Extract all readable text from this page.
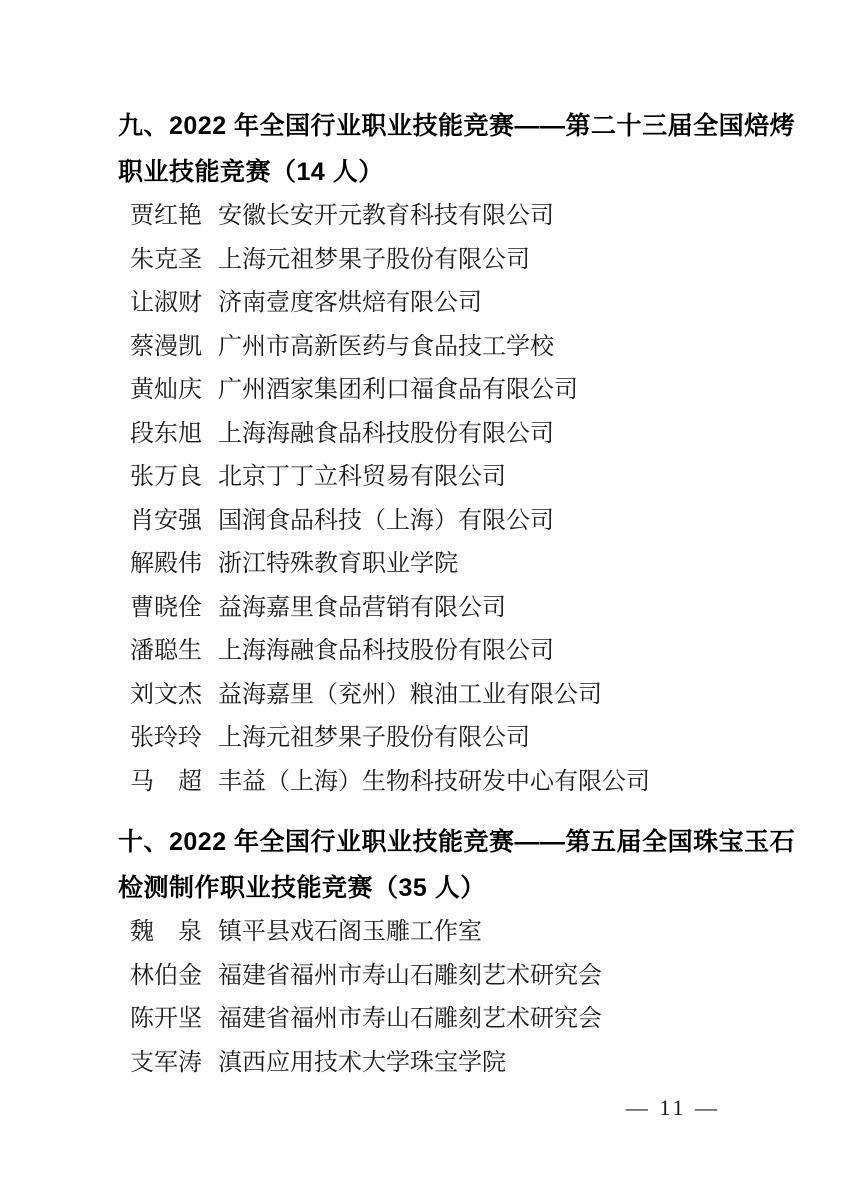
九、2022 年全国行业职业技能竞赛——第二十三届全国焙烤
职业技能竞赛（14 人）
贾红艳 安徽长安开元教育科技有限公司
朱克圣 上海元祖梦果子股份有限公司
让淑财 济南壹度客烘焙有限公司
蔡漫凯 广州市高新医药与食品技工学校
黄灿庆 广州酒家集团利口福食品有限公司
段东旭 上海海融食品科技股份有限公司
张万良 北京丁丁立科贸易有限公司
肖安强 国润食品科技（上海）有限公司
解殿伟 浙江特殊教育职业学院
曹晓佺 益海嘉里食品营销有限公司
潘聪生 上海海融食品科技股份有限公司
刘文杰 益海嘉里（兖州）粮油工业有限公司
张玲玲 上海元祖梦果子股份有限公司
马　超 丰益（上海）生物科技研发中心有限公司
十、2022 年全国行业职业技能竞赛——第五届全国珠宝玉石
检测制作职业技能竞赛（35 人）
魏　泉 镇平县戏石阁玉雕工作室
林伯金 福建省福州市寿山石雕刻艺术研究会
陈开坚 福建省福州市寿山石雕刻艺术研究会
支军涛 滇西应用技术大学珠宝学院
— 11 —
